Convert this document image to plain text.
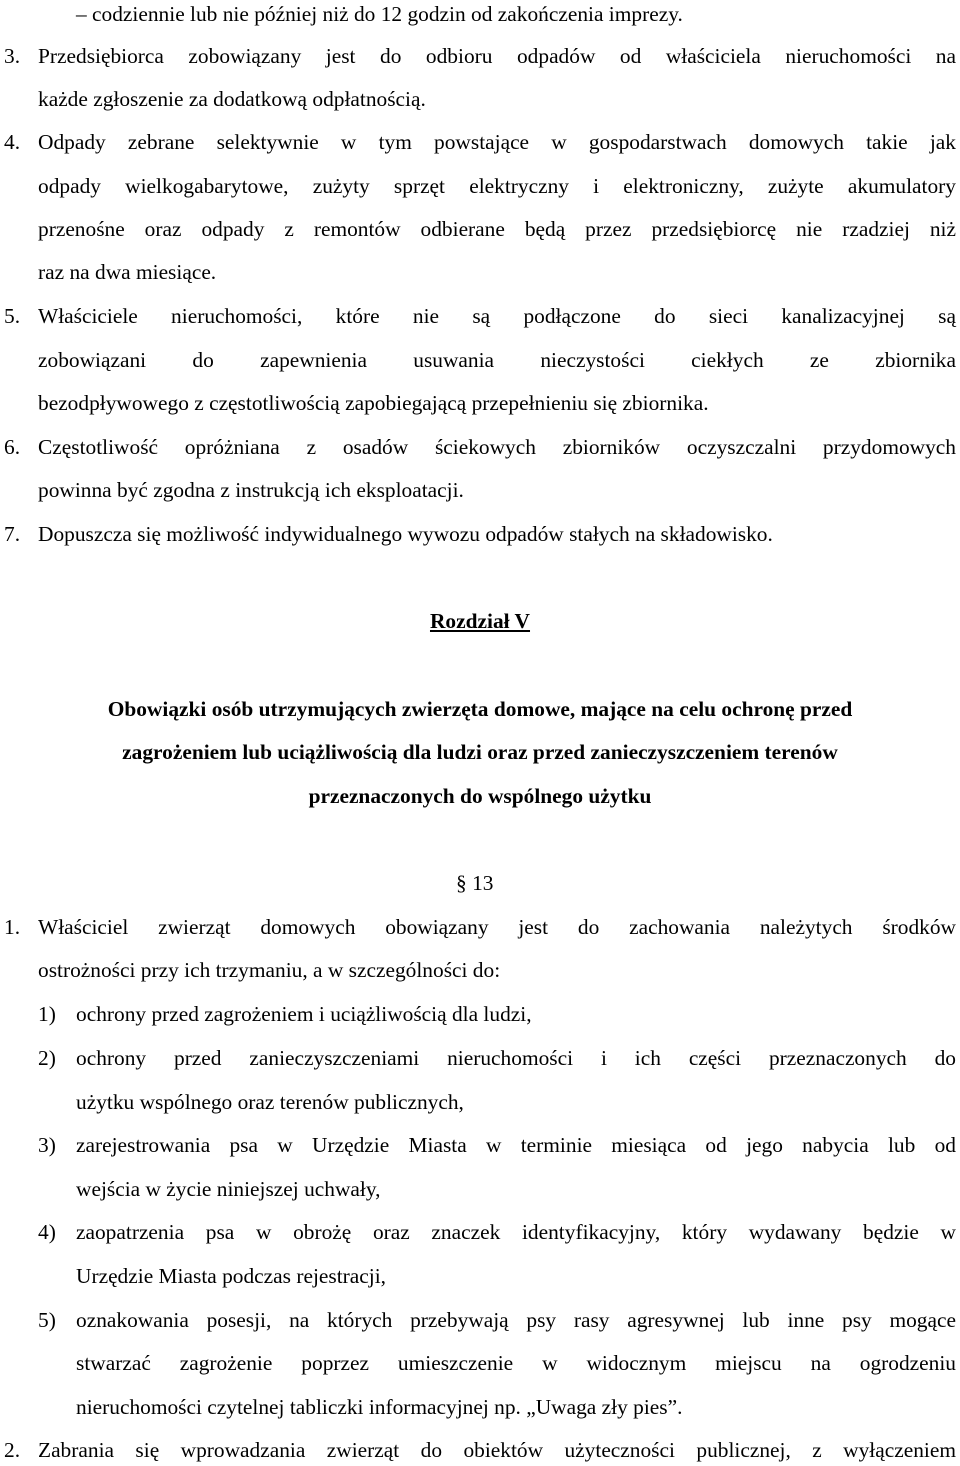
– codziennie lub nie później niż do 12 godzin od zakończenia imprezy.
3. Przedsiębiorca zobowiązany jest do odbioru odpadów od właściciela nieruchomości na
każde zgłoszenie za dodatkową odpłatnością.
4. Odpady zebrane selektywnie w tym powstające w gospodarstwach domowych takie jak
odpady wielkogabarytowe, zużyty sprzęt elektryczny i elektroniczny, zużyte akumulatory
przenośne oraz odpady z remontów odbierane będą przez przedsiębiorcę nie rzadziej niż
raz na dwa miesiące.
5. Właściciele nieruchomości, które nie są podłączone do sieci kanalizacyjnej są
zobowiązani do zapewnienia usuwania nieczystości ciekłych ze zbiornika
bezodpływowego z częstotliwością zapobiegającą przepełnieniu się zbiornika.
6. Częstotliwość opróżniana z osadów ściekowych zbiorników oczyszczalni przydomowych
powinna być zgodna z instrukcją ich eksploatacji.
7. Dopuszcza się możliwość indywidualnego wywozu odpadów stałych na składowisko.
Rozdział V
Obowiązki osób utrzymujących zwierzęta domowe, mające na celu ochronę przed
zagrożeniem lub uciążliwością dla ludzi oraz przed zanieczyszczeniem terenów
przeznaczonych do wspólnego użytku
§ 13
1. Właściciel zwierząt domowych obowiązany jest do zachowania należytych środków
ostrożności przy ich trzymaniu, a w szczególności do:
1) ochrony przed zagrożeniem i uciążliwością dla ludzi,
2) ochrony przed zanieczyszczeniami nieruchomości i ich części przeznaczonych do
użytku wspólnego oraz terenów publicznych,
3) zarejestrowania psa w Urzędzie Miasta w terminie miesiąca od jego nabycia lub od
wejścia w życie niniejszej uchwały,
4) zaopatrzenia psa w obrożę oraz znaczek identyfikacyjny, który wydawany będzie w
Urzędzie Miasta podczas rejestracji,
5) oznakowania posesji, na których przebywają psy rasy agresywnej lub inne psy mogące
stwarzać zagrożenie poprzez umieszczenie w widocznym miejscu na ogrodzeniu
nieruchomości czytelnej tabliczki informacyjnej np. „Uwaga zły pies”.
2. Zabrania się wprowadzania zwierząt do obiektów użyteczności publicznej, z wyłączeniem
